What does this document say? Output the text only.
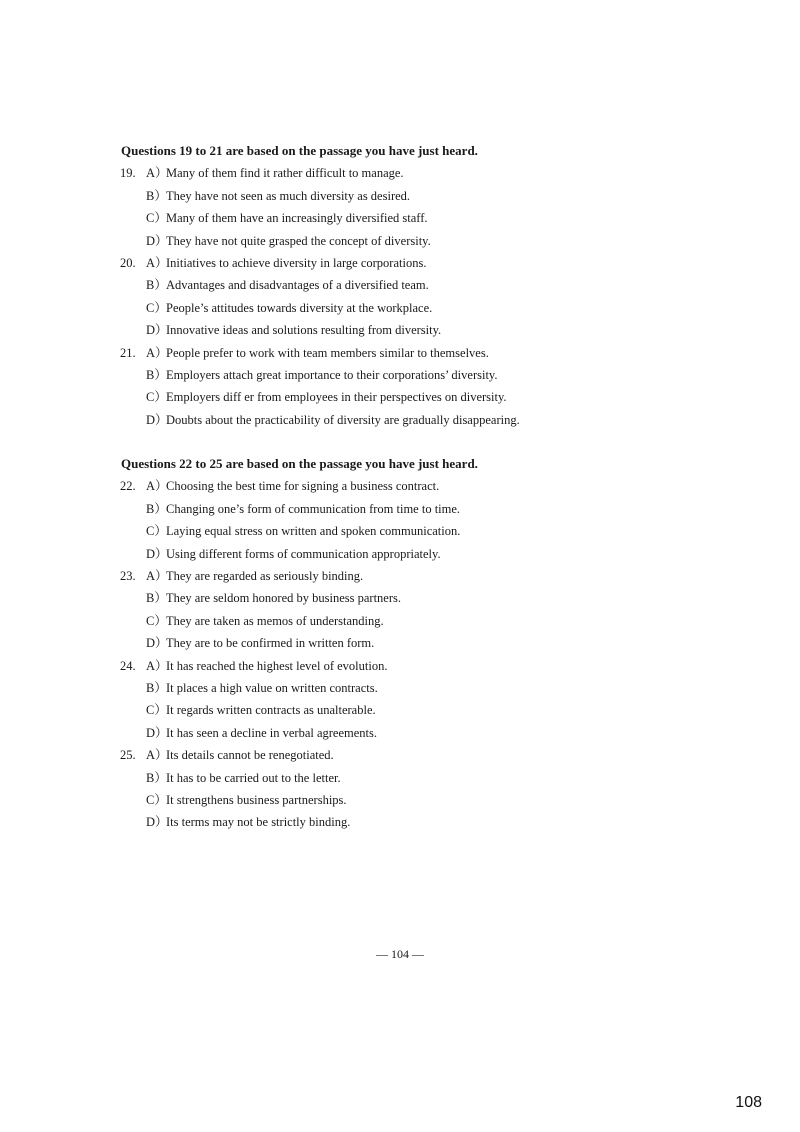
Questions 19 to 21 are based on the passage you have just heard.
19. A）
Many of them find it rather difficult to manage.
B） They have not seen as much diversity as desired.
C） Many of them have an increasingly diversified staff.
D）
They have not quite grasped the concept of diversity.
20. A）
Initiatives to achieve diversity in large corporations.
B） Advantages and disadvantages of a diversified team.
C） People’s attitudes towards diversity at the workplace.
D）
Innovative ideas and solutions resulting from diversity.
21. A）
People prefer to work with team members similar to themselves.
B） Employers attach great importance to their corporations’ diversity.
C） Employers diff er from employees in their perspectives on diversity.
D）
Doubts about the practicability of diversity are gradually disappearing.
Questions 22 to 25 are based on the passage you have just heard.
22. A）
Choosing the best time for signing a business contract.
B） Changing one’s form of communication from time to time.
C） Laying equal stress on written and spoken communication.
D）
Using different forms of communication appropriately.
23. A）
They are regarded as seriously binding.
B） They are seldom honored by business partners.
C） They are taken as memos of understanding.
D）
They are to be confirmed in written form.
24. A）
It has reached the highest level of evolution.
B） It places a high value on written contracts.
C） It regards written contracts as unalterable.
D）
It has seen a decline in verbal agreements.
25. A）
Its details cannot be renegotiated.
B） It has to be carried out to the letter.
C） It strengthens business partnerships.
D）
Its terms may not be strictly binding.
— 104 —
108
